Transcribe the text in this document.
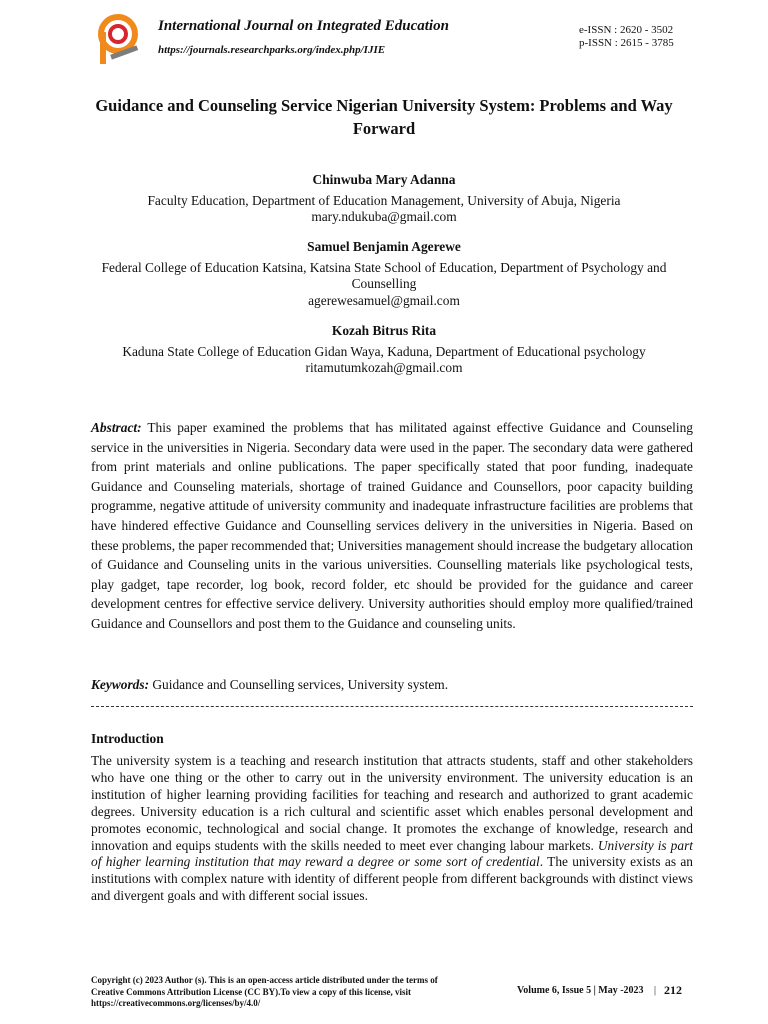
International Journal on Integrated Education
https://journals.researchparks.org/index.php/IJIE
e-ISSN : 2620 - 3502
p-ISSN : 2615 - 3785
Guidance and Counseling Service Nigerian University System: Problems and Way Forward
Chinwuba Mary Adanna
Faculty Education, Department of Education Management, University of Abuja, Nigeria
mary.ndukuba@gmail.com
Samuel Benjamin Agerewe
Federal College of Education Katsina, Katsina State School of Education, Department of Psychology and Counselling
agerewesamuel@gmail.com
Kozah Bitrus Rita
Kaduna State College of Education Gidan Waya, Kaduna, Department of Educational psychology
ritamutumkozah@gmail.com
Abstract: This paper examined the problems that has militated against effective Guidance and Counseling service in the universities in Nigeria. Secondary data were used in the paper. The secondary data were gathered from print materials and online publications. The paper specifically stated that poor funding, inadequate Guidance and Counseling materials, shortage of trained Guidance and Counsellors, poor capacity building programme, negative attitude of university community and inadequate infrastructure facilities are problems that have hindered effective Guidance and Counselling services delivery in the universities in Nigeria. Based on these problems, the paper recommended that; Universities management should increase the budgetary allocation of Guidance and Counseling units in the various universities. Counselling materials like psychological tests, play gadget, tape recorder, log book, record folder, etc should be provided for the guidance and career development centres for effective service delivery. University authorities should employ more qualified/trained Guidance and Counsellors and post them to the Guidance and counseling units.
Keywords: Guidance and Counselling services, University system.
Introduction
The university system is a teaching and research institution that attracts students, staff and other stakeholders who have one thing or the other to carry out in the university environment. The university education is an institution of higher learning providing facilities for teaching and research and authorized to grant academic degrees. University education is a rich cultural and scientific asset which enables personal development and promotes economic, technological and social change. It promotes the exchange of knowledge, research and innovation and equips students with the skills needed to meet ever changing labour markets. University is part of higher learning institution that may reward a degree or some sort of credential. The university exists as an institutions with complex nature with identity of different people from different backgrounds with distinct views and divergent goals and with different social issues.
Copyright (c) 2023 Author (s). This is an open-access article distributed under the terms of Creative Commons Attribution License (CC BY).To view a copy of this license, visit https://creativecommons.org/licenses/by/4.0/
Volume 6, Issue 5 | May -2023 | 212
